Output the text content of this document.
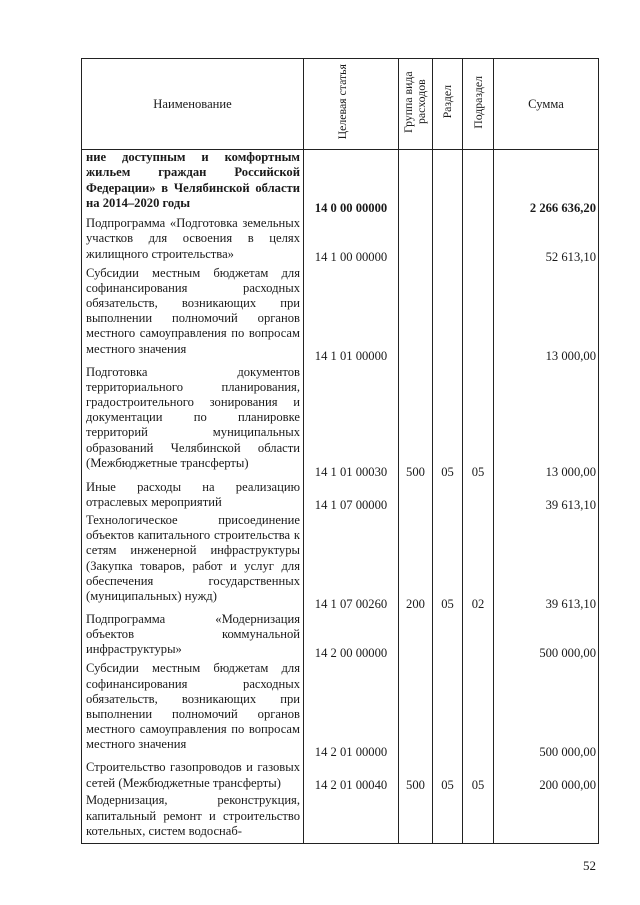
Наименование	Целевая статья	Группа вида расходов	Раздел	Подраздел	Сумма
ние доступным и комфортным жильем граждан Российской Федерации» в Челябинской области на 2014–2020 годы	14 0 00 00000				2 266 636,20
Подпрограмма «Подготовка земельных участков для освоения в целях жилищного строительства»	14 1 00 00000				52 613,10
Субсидии местным бюджетам для софинансирования расходных обязательств, возникающих при выполнении полномочий органов местного самоуправления по вопросам местного значения	14 1 01 00000				13 000,00
Подготовка документов территориального планирования, градостроительного зонирования и документации по планировке территорий муниципальных образований Челябинской области (Межбюджетные трансферты)	14 1 01 00030	500	05	05	13 000,00
Иные расходы на реализацию отраслевых мероприятий	14 1 07 00000				39 613,10
Технологическое присоединение объектов капитального строительства к сетям инженерной инфраструктуры (Закупка товаров, работ и услуг для обеспечения государственных (муниципальных) нужд)	14 1 07 00260	200	05	02	39 613,10
Подпрограмма «Модернизация объектов коммунальной инфраструктуры»	14 2 00 00000				500 000,00
Субсидии местным бюджетам для софинансирования расходных обязательств, возникающих при выполнении полномочий органов местного самоуправления по вопросам местного значения	14 2 01 00000				500 000,00
Строительство газопроводов и газовых сетей (Межбюджетные трансферты)	14 2 01 00040	500	05	05	200 000,00
Модернизация, реконструкция, капитальный ремонт и строительство котельных, систем водоснаб-					
52
